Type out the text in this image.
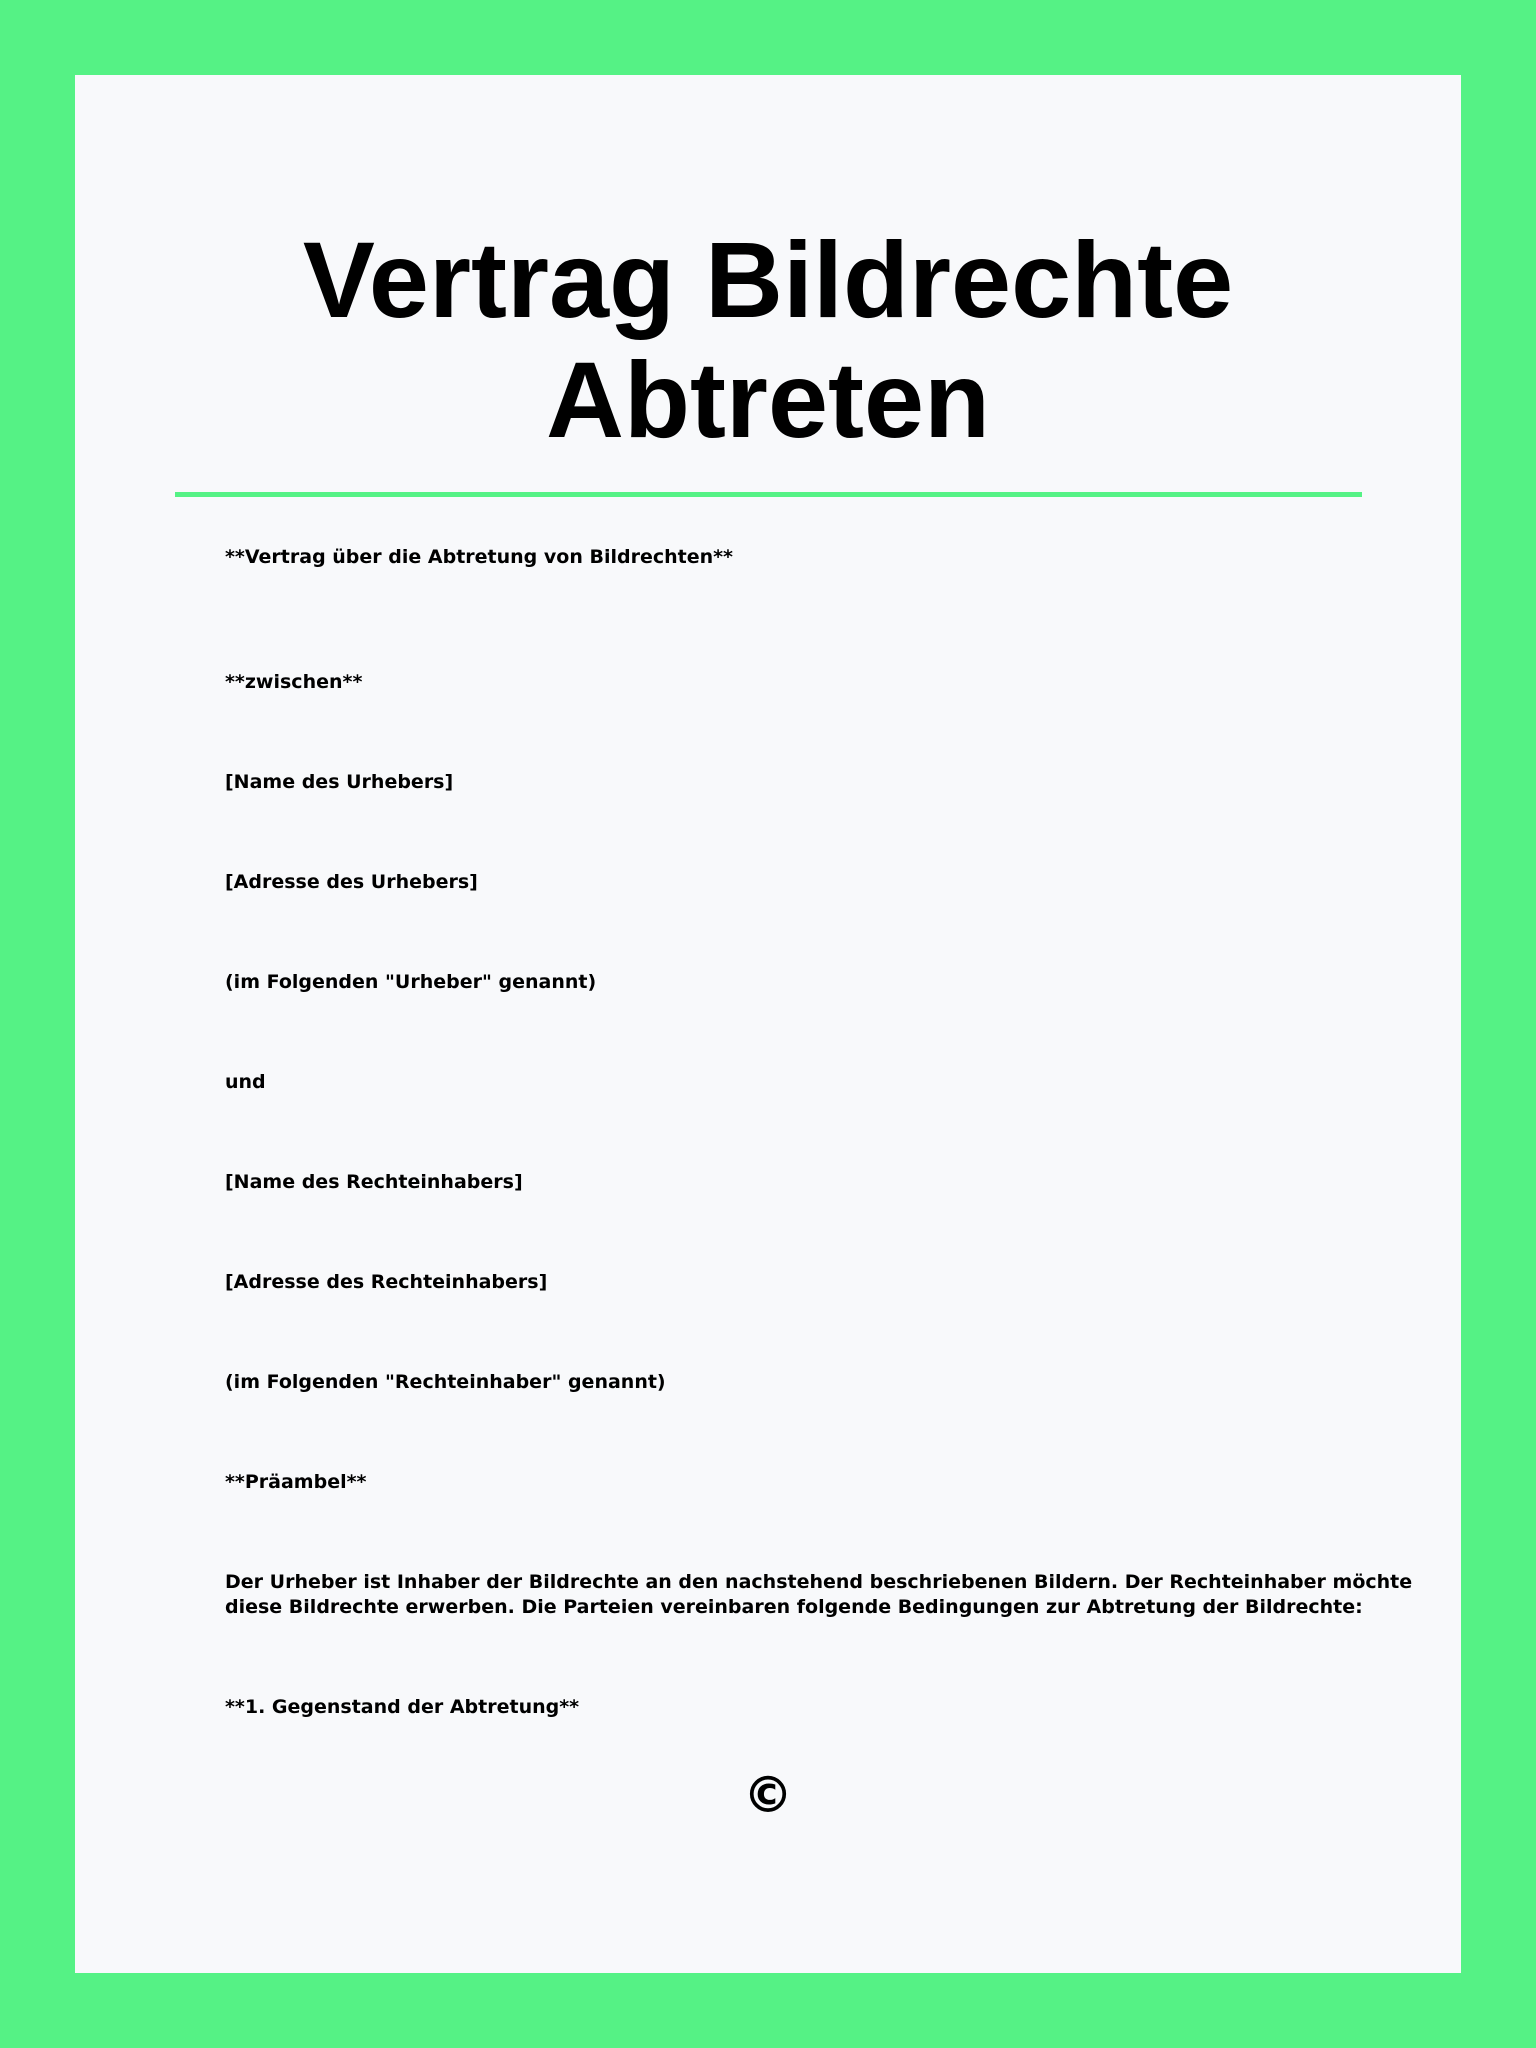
Vertrag Bildrechte Abtreten

**Vertrag über die Abtretung von Bildrechten**

**zwischen**

[Name des Urhebers]

[Adresse des Urhebers]

(im Folgenden "Urheber" genannt)

und

[Name des Rechteinhabers]

[Adresse des Rechteinhabers]

(im Folgenden "Rechteinhaber" genannt)

**Präambel**

Der Urheber ist Inhaber der Bildrechte an den nachstehend beschriebenen Bildern. Der Rechteinhaber möchte diese Bildrechte erwerben. Die Parteien vereinbaren folgende Bedingungen zur Abtretung der Bildrechte:

**1. Gegenstand der Abtretung**

©
